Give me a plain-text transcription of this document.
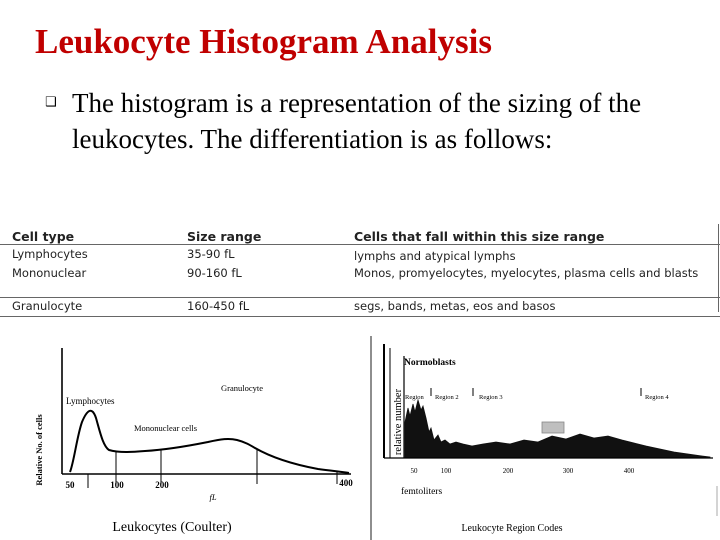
Leukocyte Histogram Analysis
❑ The histogram is a representation of the sizing of the leukocytes. The differentiation is as follows:
Cell type	Size range	Cells that fall within this size range
Lymphocytes	35-90 fL	lymphs and atypical lymphs
Mononuclear	90-160 fL	Monos, promyelocytes, myelocytes, plasma cells and blasts
Granulocyte	160-450 fL	segs, bands, metas, eos and basos
Relative No. of cells
Lymphocytes
Mononuclear cells
Granulocyte
50	100	200	400
fL
Leukocytes (Coulter)
relative number
Normoblasts
Region Region 2	Region 3	Region 4
50	100	200	300	400
femtoliters
Leukocyte Region Codes
